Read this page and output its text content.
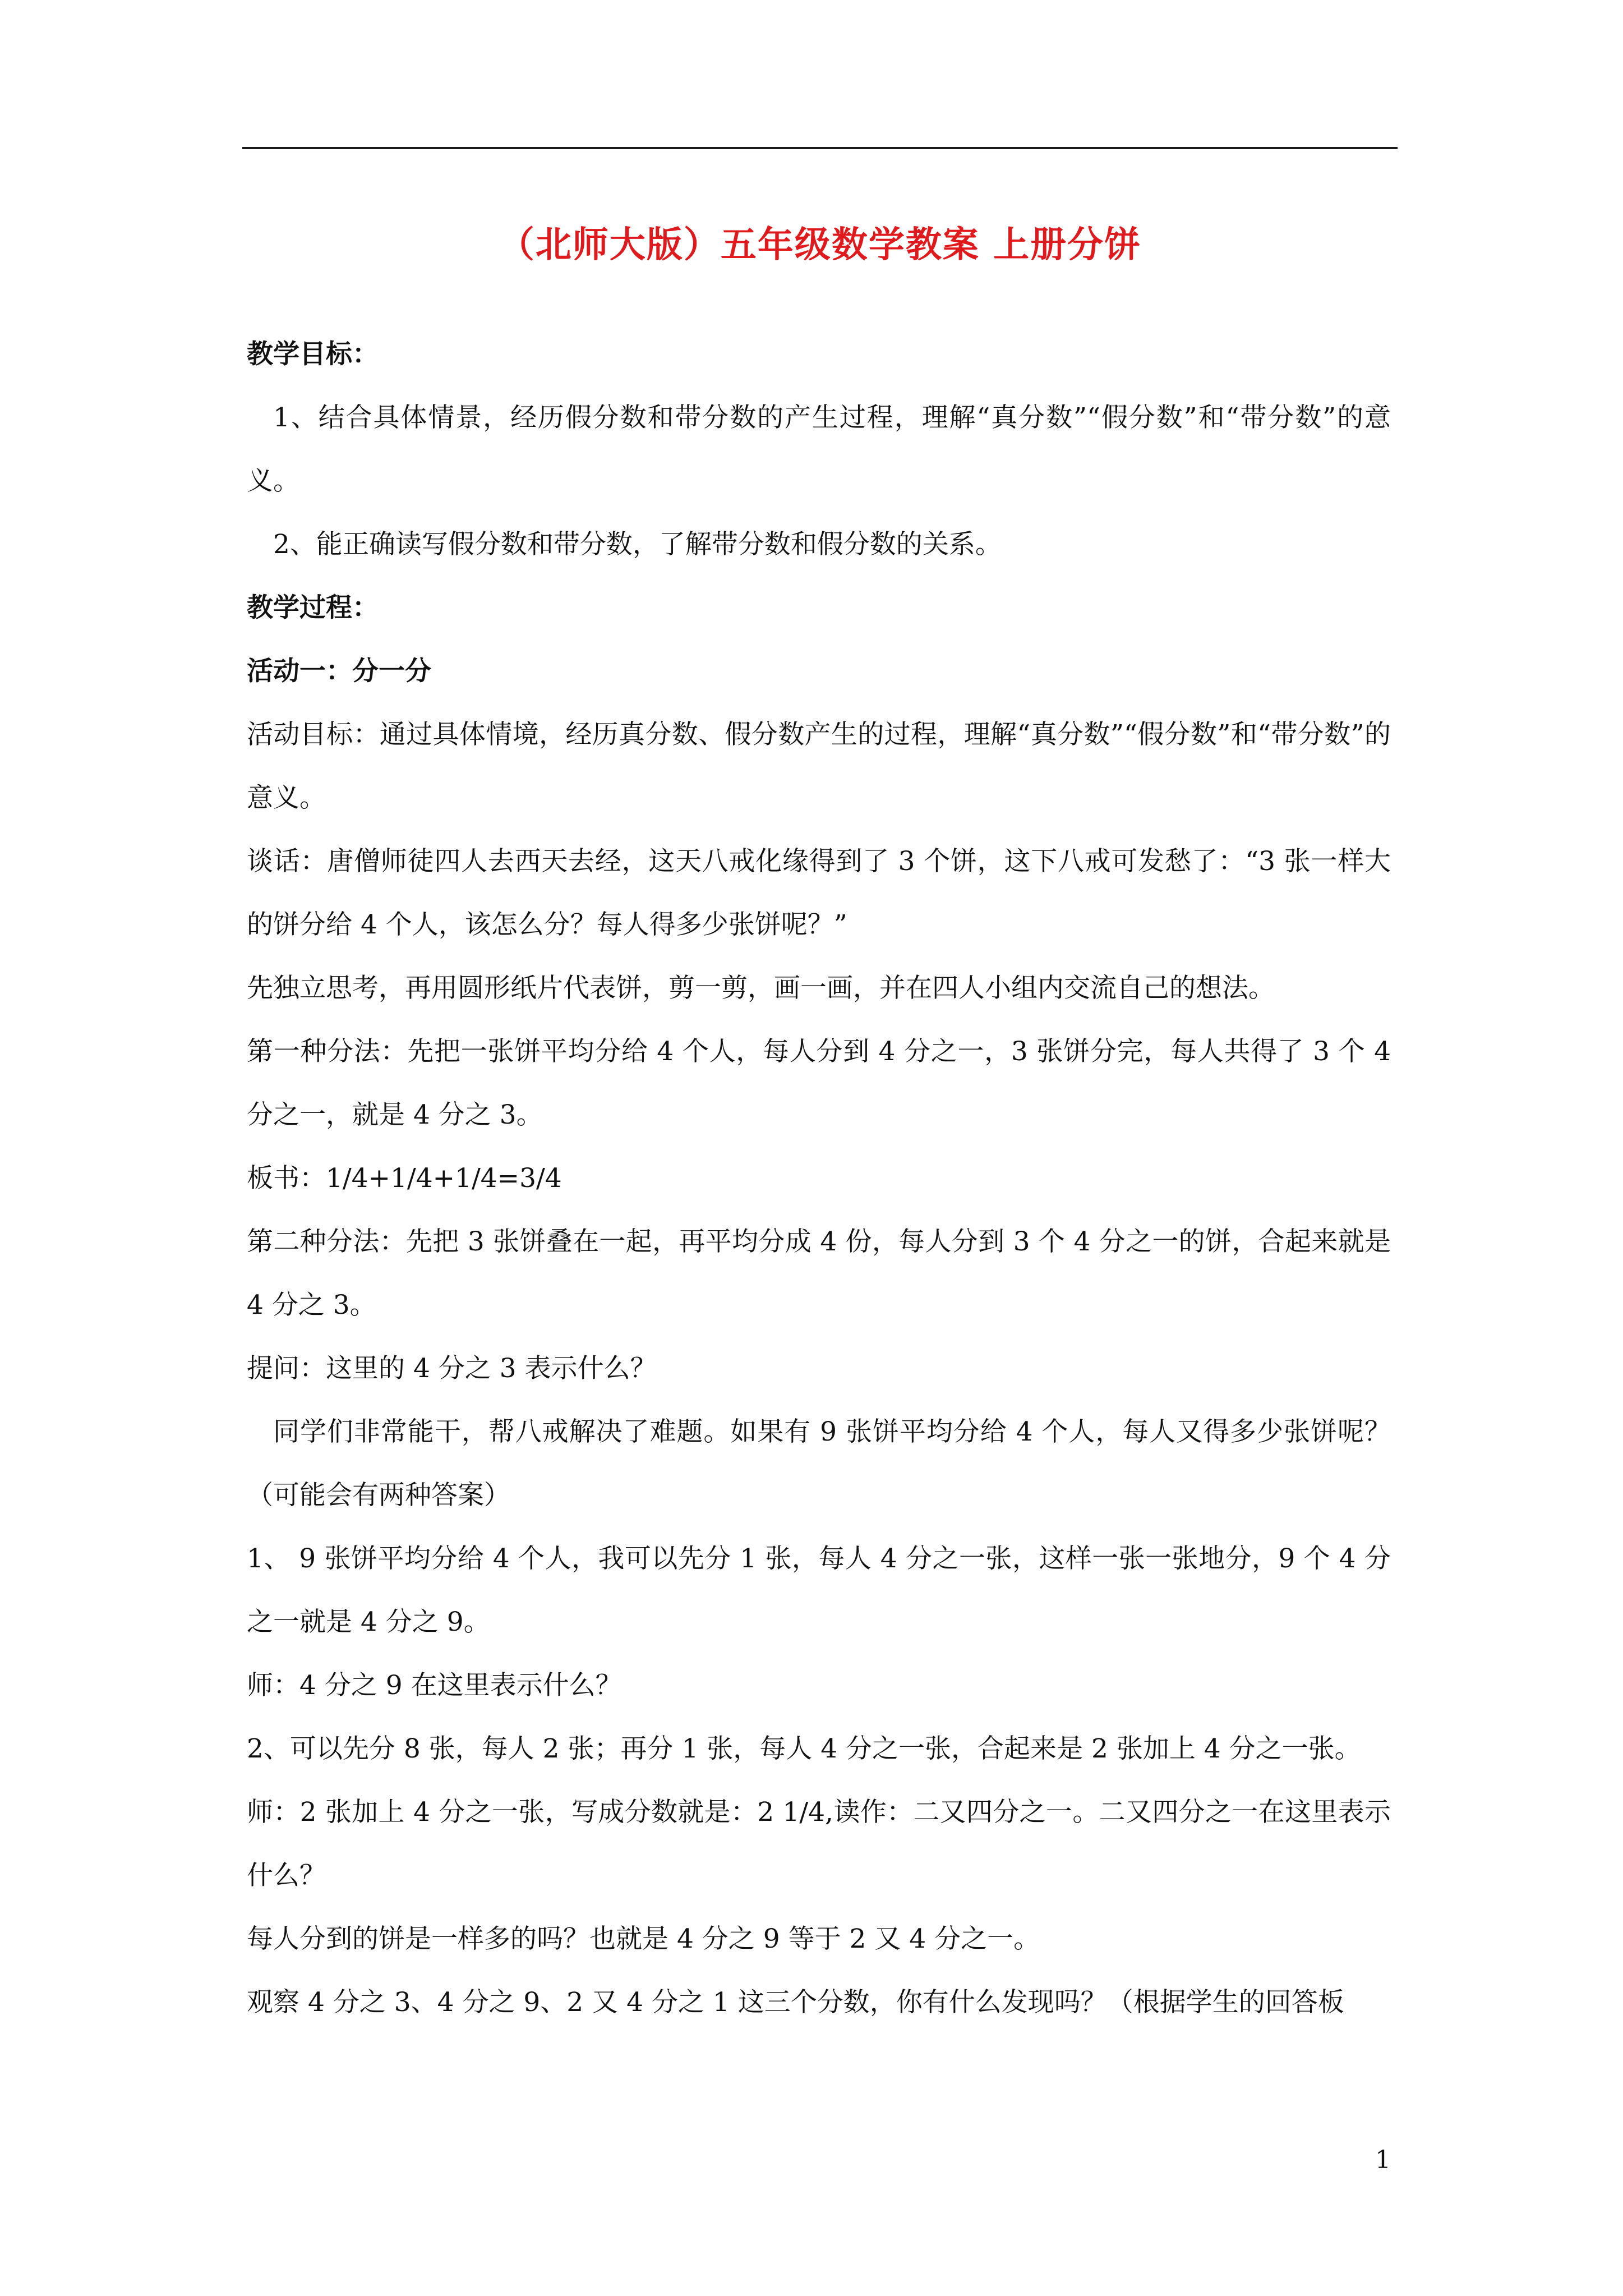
（北师大版）五年级数学教案 上册分饼

教学目标：

1、结合具体情景，经历假分数和带分数的产生过程，理解“真分数”“假分数”和“带分数”的意义。

2、能正确读写假分数和带分数，了解带分数和假分数的关系。

教学过程：

活动一：分一分

活动目标：通过具体情境，经历真分数、假分数产生的过程，理解“真分数”“假分数”和“带分数”的意义。

谈话：唐僧师徒四人去西天去经，这天八戒化缘得到了 3 个饼，这下八戒可发愁了：“3 张一样大的饼分给 4 个人，该怎么分？每人得多少张饼呢？”

先独立思考，再用圆形纸片代表饼，剪一剪，画一画，并在四人小组内交流自己的想法。

第一种分法：先把一张饼平均分给 4 个人，每人分到 4 分之一，3 张饼分完，每人共得了 3 个 4 分之一，就是 4 分之 3。

板书：1/4+1/4+1/4=3/4

第二种分法：先把 3 张饼叠在一起，再平均分成 4 份，每人分到 3 个 4 分之一的饼，合起来就是 4 分之 3。

提问：这里的 4 分之 3 表示什么？

同学们非常能干，帮八戒解决了难题。如果有 9 张饼平均分给 4 个人，每人又得多少张饼呢？（可能会有两种答案）

1、 9 张饼平均分给 4 个人，我可以先分 1 张，每人 4 分之一张，这样一张一张地分，9 个 4 分之一就是 4 分之 9。

师：4 分之 9 在这里表示什么？

2、可以先分 8 张，每人 2 张；再分 1 张，每人 4 分之一张，合起来是 2 张加上 4 分之一张。

师：2 张加上 4 分之一张，写成分数就是：2 1/4,读作：二又四分之一。二又四分之一在这里表示什么？

每人分到的饼是一样多的吗？也就是 4 分之 9 等于 2 又 4 分之一。

观察 4 分之 3、4 分之 9、2 又 4 分之 1 这三个分数，你有什么发现吗？（根据学生的回答板

1
